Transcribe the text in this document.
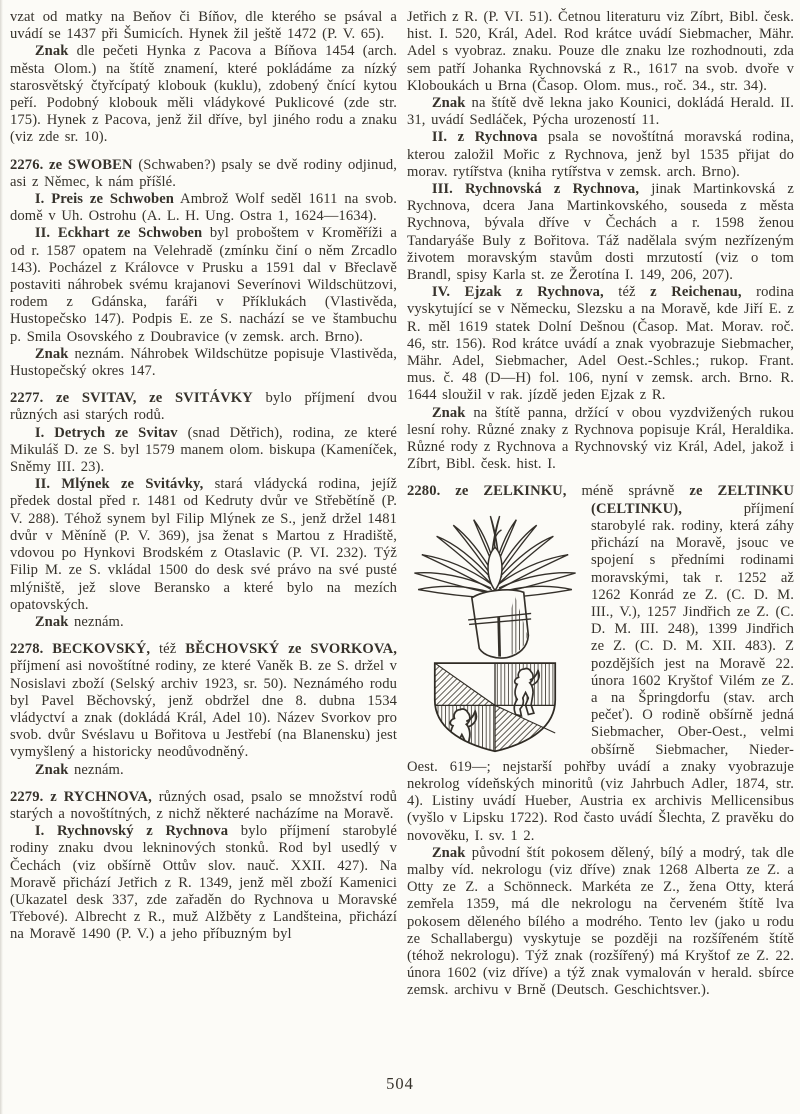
vzat od matky na Beňov či Bíňov, dle kterého se psával a uvádí se 1437 při Šumicích. Hynek žil ještě 1472 (P. V. 65).

Znak dle pečeti Hynka z Pacova a Bíňova 1454 (arch. města Olom.) na štítě znamení, které pokládáme za nízký starosvětský čtyřcípatý klobouk (kuklu), zdobený čnící kytou peří. Podobný klobouk měli vládykové Puklicové (zde str. 175). Hynek z Pacova, jenž žil dříve, byl jiného rodu a znaku (viz zde sr. 10).

2276. ze SWOBEN (Schwaben?) psaly se dvě rodiny odjinud, asi z Němec, k nám příšlé.

I. Preis ze Schwoben Ambrož Wolf seděl 1611 na svob. domě v Uh. Ostrohu (A. L. H. Ung. Ostra 1, 1624—1634).

II. Eckhart ze Schwoben byl proboštem v Kroměříži a od r. 1587 opatem na Velehradě (zmínku činí o něm Zrcadlo 143). Pocházel z Královce v Prusku a 1591 dal v Břeclavě postaviti náhrobek svému krajanovi Severínovi Wildschützovi, rodem z Gdánska, faráři v Příklukách (Vlastivěda, Hustopečsko 147). Podpis E. ze S. nachází se ve štambuchu p. Smila Osovského z Doubravice (v zemsk. arch. Brno).

Znak neznám. Náhrobek Wildschütze popisuje Vlastivěda, Hustopečský okres 147.

2277. ze SVITAV, ze SVITÁVKY bylo příjmení dvou různých asi starých rodů.

I. Detrych ze Svitav (snad Dětřich), rodina, ze které Mikuláš D. ze S. byl 1579 manem olom. biskupa (Kameníček, Sněmy III. 23).

II. Mlýnek ze Svitávky, stará vládycká rodina, jejíž předek dostal před r. 1481 od Kedruty dvůr ve Střebětíně (P. V. 288). Téhož synem byl Filip Mlýnek ze S., jenž držel 1481 dvůr v Měníně (P. V. 369), jsa ženat s Martou z Hradiště, vdovou po Hynkovi Brodském z Otaslavic (P. VI. 232). Týž Filip M. ze S. vkládal 1500 do desk své právo na své pusté mlýniště, jež slove Beransko a které bylo na mezích opatovských.

Znak neznám.

2278. BECKOVSKÝ, též BĚCHOVSKÝ ze SVORKOVA, příjmení asi novoštítné rodiny, ze které Vaněk B. ze S. držel v Nosislavi zboží (Selský archiv 1923, sr. 50). Neznámého rodu byl Pavel Běchovský, jenž obdržel dne 8. dubna 1534 vládyctví a znak (dokládá Král, Adel 10). Název Svorkov pro svob. dvůr Svéslavu u Bořitova u Jestřebí (na Blanensku) jest vymyšlený a historicky neodůvodněný.

Znak neznám.

2279. z RYCHNOVA, různých osad, psalo se množství rodů starých a novoštítných, z nichž některé nacházíme na Moravě.

I. Rychnovský z Rychnova bylo příjmení starobylé rodiny znaku dvou lekninových stonků. Rod byl usedlý v Čechách (viz obšírně Ottův slov. nauč. XXII. 427). Na Moravě přichází Jetřich z R. 1349, jenž měl zboží Kamenici (Ukazatel desk 337, zde zařaděn do Rychnova u Moravské Třebové). Albrecht z R., muž Alžběty z Landšteina, přichází na Moravě 1490 (P. V.) a jeho příbuzným byl

Jetřich z R. (P. VI. 51). Četnou literaturu viz Zíbrt, Bibl. česk. hist. I. 520, Král, Adel. Rod krátce uvádí Siebmacher, Mähr. Adel s vyobraz. znaku. Pouze dle znaku lze rozhodnouti, zda sem patří Johanka Rychnovská z R., 1617 na svob. dvoře v Kloboukách u Brna (Časop. Olom. mus., roč. 34., str. 34).

Znak na štítě dvě lekna jako Kounici, dokládá Herald. II. 31, uvádí Sedláček, Pýcha urozeností 11.

II. z Rychnova psala se novoštítná moravská rodina, kterou založil Mořic z Rychnova, jenž byl 1535 přijat do morav. rytířstva (kniha rytířstva v zemsk. arch. Brno).

III. Rychnovská z Rychnova, jinak Martinkovská z Rychnova, dcera Jana Martinkovského, souseda z města Rychnova, bývala dříve v Čechách a r. 1598 ženou Tandaryáše Buly z Bořitova. Táž nadělala svým nezřízeným životem moravským stavům dosti mrzutostí (viz o tom Brandl, spisy Karla st. ze Žerotína I. 149, 206, 207).

IV. Ejzak z Rychnova, též z Reichenau, rodina vyskytující se v Německu, Slezsku a na Moravě, kde Jiří E. z R. měl 1619 statek Dolní Dešnou (Časop. Mat. Morav. roč. 46, str. 156). Rod krátce uvádí a znak vyobrazuje Siebmacher, Mähr. Adel, Siebmacher, Adel Oest.-Schles.; rukop. Frant. mus. č. 48 (D—H) fol. 106, nyní v zemsk. arch. Brno. R. 1644 sloužil v rak. jízdě jeden Ejzak z R.

Znak na štítě panna, držící v obou vyzdvižených rukou lesní rohy. Různé znaky z Rychnova popisuje Král, Heraldika. Různé rody z Rychnova a Rychnovský viz Král, Adel, jakož i Zíbrt, Bibl. česk. hist. I.

2280. ze ZELKINKU, méně správně ze ZELTINKU
(CELTINKU), příjmení starobylé rak. rodiny, která záhy přichází na Moravě, jsouc ve spojení s předními rodinami moravskými, tak r. 1252 až 1262 Konrád ze Z. (C. D. M. III., V.), 1257 Jindřich ze Z. (C. D. M. III. 248), 1399 Jindřich ze Z. (C. D. M. XII. 483). Z pozdějších jest na Moravě 22. února 1602 Kryštof Vilém ze Z. a na Špringdorfu (stav. arch pečeť). O rodině obšírně jedná Siebmacher, Ober-Oest., velmi obšírně Siebmacher, Nieder-Oest. 619—; nejstarší pohřby uvádí a znaky vyobrazuje nekrolog vídeňských minoritů (viz Jahrbuch Adler, 1874, str. 4). Listiny uvádí Hueber, Austria ex archivis Mellicensibus (vyšlo v Lipsku 1722). Rod často uvádí Šlechta, Z pravěku do novověku, I. sv. 1 2.

Znak původní štít pokosem dělený, bílý a modrý, tak dle malby víd. nekrologu (viz dříve) znak 1268 Alberta ze Z. a Otty ze Z. a Schönneck. Markéta ze Z., žena Otty, která zemřela 1359, má dle nekrologu na červeném štítě lva pokosem děleného bílého a modrého. Tento lev (jako u rodu ze Schallabergu) vyskytuje se později na rozšířeném štítě (téhož nekrologu). Týž znak (rozšířený) má Kryštof ze Z. 22. února 1602 (viz dříve) a týž znak vymalován v herald. sbírce zemsk. archivu v Brně (Deutsch. Geschichtsver.).

504
